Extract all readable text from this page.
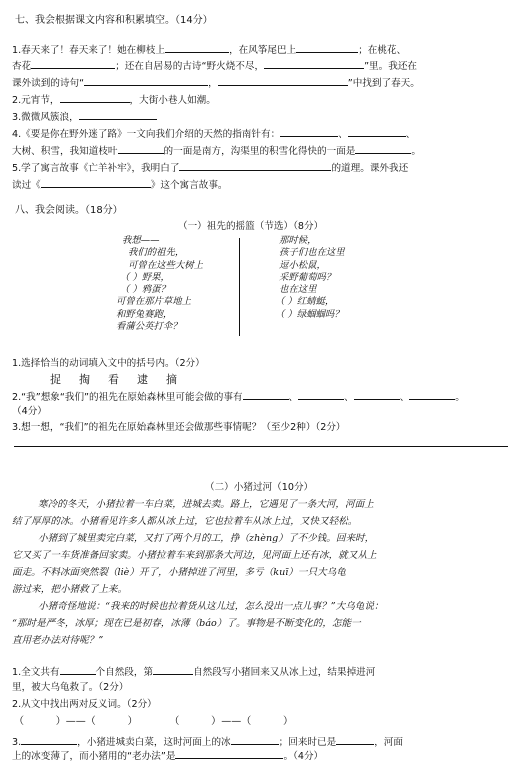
七、我会根据课文内容和积累填空。（14分）
1.春天来了！春天来了！她在柳枝上	，在风筝尾巴上	；在桃花、
杏花	；还在自居易的古诗“野火烧不尽，	”里。我还在
课外读到的诗句“	，	”中找到了春天。
2.元宵节，	，大街小巷人如潮。
3.微微风簇浪，
4.《要是你在野外迷了路》一文向我们介绍的天然的指南针有：	、	、
大树、积雪，我知道枝叶	的一面是南方，沟渠里的积雪化得快的一面是	。
5.学了寓言故事《亡羊补牢》，我明白了	的道理。课外我还
读过《	》这个寓言故事。
八、我会阅读。（18分）
（一）祖先的摇篮（节选）（8分）
我想——
我们的祖先，
可曾在这些大树上
（ ）野果，
（ ）鸦蛋？
可曾在那片草地上
和野兔赛跑，
看蒲公英打伞？
那时候，
孩子们也在这里
逗小松鼠，
采野葡萄吗？
也在这里
（ ）红蜻蜓，
（ ）绿蝈蝈吗？
1.选择恰当的动词填入文中的括号内。（2分）
捉 掏 看 逮 摘
2.“我”想象“我们”的祖先在原始森林里可能会做的事有	、	、	、	。
（4分）
3.想一想，“我们”的祖先在原始森林里还会做那些事情呢？（至少2种）（2分）
（二）小猪过河（10分）
寒冷的冬天，小猪拉着一车白菜，进城去卖。路上，它遇见了一条大河，河面上
结了厚厚的冰。小猪看见许多人都从冰上过，它也拉着车从冰上过，又快又轻松。
小猪到了城里卖完白菜，又打了两个月的工，挣（zhèng）了不少钱。回来时，
它又买了一车货准备回家卖。小猪拉着车来到那条大河边，见河面上还有冰，就又从上
面走。不料冰面突然裂（liè）开了，小猪掉进了河里，多亏（kuī）一只大乌龟
游过来，把小猪救了上来。
小猪奇怪地说：“我来的时候也拉着货从这儿过，怎么没出一点儿事？”大乌龟说：
“那时是严冬，冰厚；现在已是初春，冰薄（báo）了。事物是不断变化的，怎能一
直用老办法对待呢？”
1.全文共有	个自然段，第	自然段写小猪回来又从冰上过，结果掉进河
里，被大乌龟救了。（2分）
2.从文中找出两对反义词。（2分）
（          ）——（          ）	（          ）——（          ）
3.	，小猪进城卖白菜，这时河面上的冰	；回来时已是	，河面
上的冰变薄了，而小猪用的“老办法”是	。（4分）
